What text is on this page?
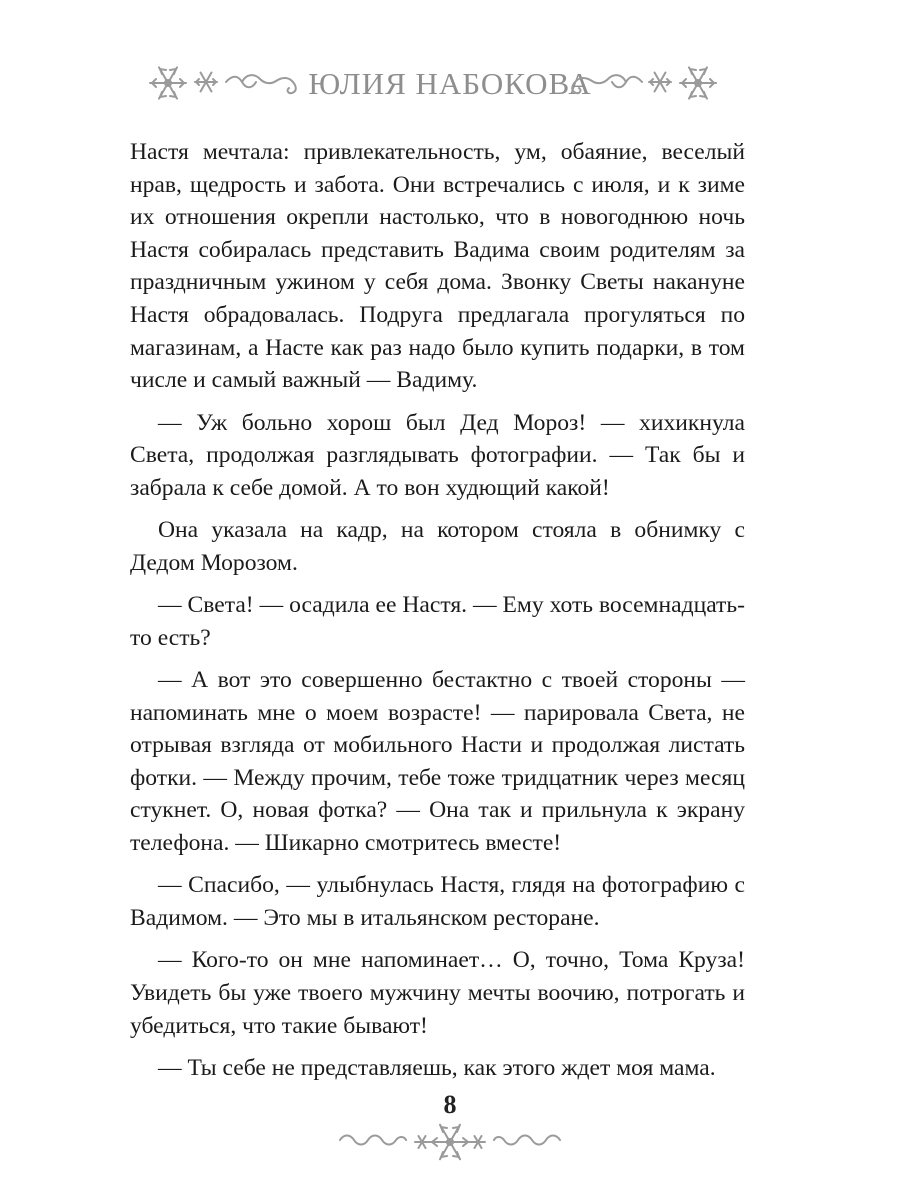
ЮЛИЯ НАБОКОВА

Настя мечтала: привлекательность, ум, обаяние, веселый нрав, щедрость и забота. Они встречались с июля, и к зиме их отношения окрепли настолько, что в новогоднюю ночь Настя собиралась представить Вадима своим родителям за праздничным ужином у себя дома. Звонку Светы накануне Настя обрадовалась. Подруга предлагала прогуляться по магазинам, а Насте как раз надо было купить подарки, в том числе и самый важный — Вадиму.

— Уж больно хорош был Дед Мороз! — хихикнула Света, продолжая разглядывать фотографии. — Так бы и забрала к себе домой. А то вон худющий какой!

Она указала на кадр, на котором стояла в обнимку с Дедом Морозом.

— Света! — осадила ее Настя. — Ему хоть восемнадцать-то есть?

— А вот это совершенно бестактно с твоей стороны — напоминать мне о моем возрасте! — парировала Света, не отрывая взгляда от мобильного Насти и продолжая листать фотки. — Между прочим, тебе тоже тридцатник через месяц стукнет. О, новая фотка? — Она так и прильнула к экрану телефона. — Шикарно смотритесь вместе!

— Спасибо, — улыбнулась Настя, глядя на фотографию с Вадимом. — Это мы в итальянском ресторане.

— Кого-то он мне напоминает… О, точно, Тома Круза! Увидеть бы уже твоего мужчину мечты воочию, потрогать и убедиться, что такие бывают!

— Ты себе не представляешь, как этого ждет моя мама.

8
